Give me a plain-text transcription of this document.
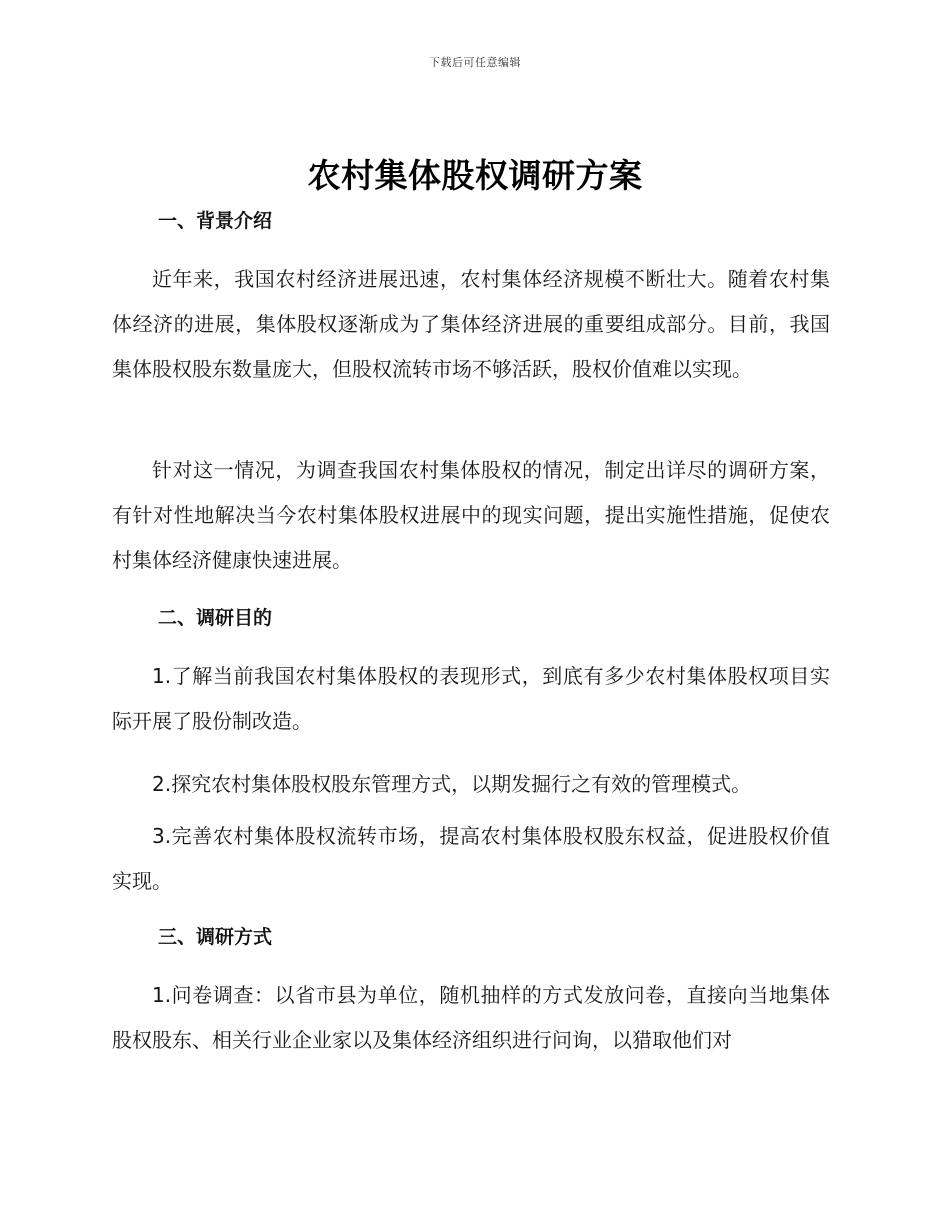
下载后可任意编辑
农村集体股权调研方案
一、背景介绍
近年来，我国农村经济进展迅速，农村集体经济规模不断壮大。随着农村集体经济的进展，集体股权逐渐成为了集体经济进展的重要组成部分。目前，我国集体股权股东数量庞大，但股权流转市场不够活跃，股权价值难以实现。
针对这一情况，为调查我国农村集体股权的情况，制定出详尽的调研方案，有针对性地解决当今农村集体股权进展中的现实问题，提出实施性措施，促使农村集体经济健康快速进展。
二、调研目的
1.了解当前我国农村集体股权的表现形式，到底有多少农村集体股权项目实际开展了股份制改造。
2.探究农村集体股权股东管理方式，以期发掘行之有效的管理模式。
3.完善农村集体股权流转市场，提高农村集体股权股东权益，促进股权价值实现。
三、调研方式
1.问卷调查：以省市县为单位，随机抽样的方式发放问卷，直接向当地集体股权股东、相关行业企业家以及集体经济组织进行问询，以猎取他们对
